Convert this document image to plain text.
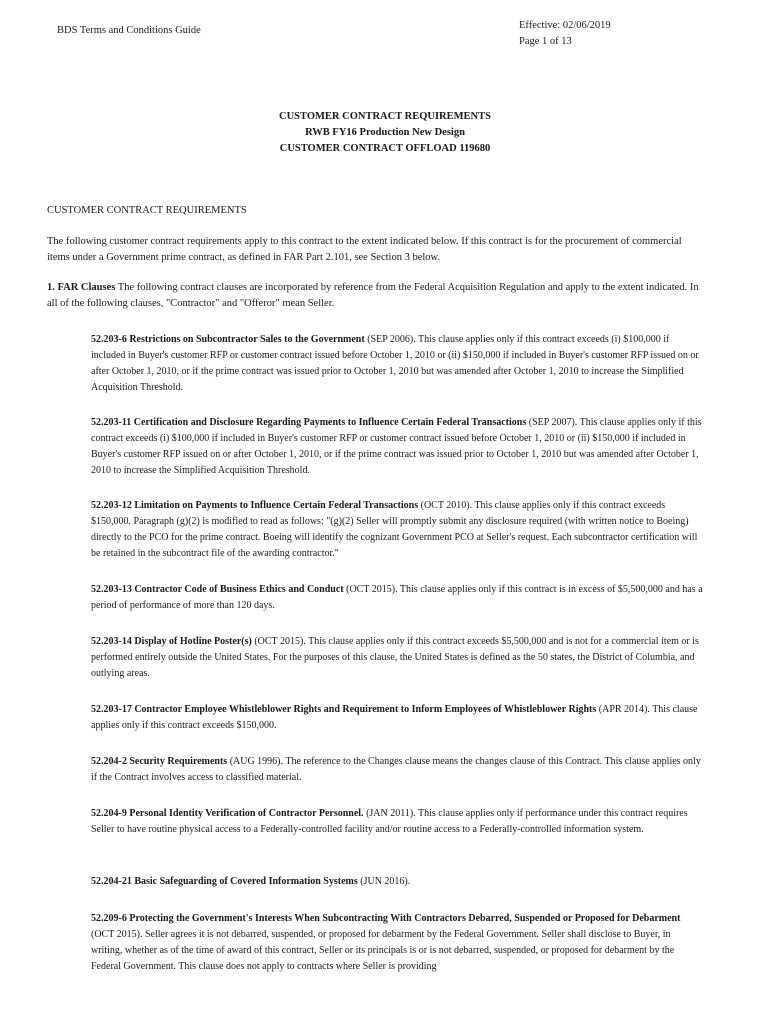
BDS Terms and Conditions Guide	Effective: 02/06/2019
Page 1 of 13
CUSTOMER CONTRACT REQUIREMENTS
RWB FY16 Production New Design
CUSTOMER CONTRACT OFFLOAD 119680
CUSTOMER CONTRACT REQUIREMENTS
The following customer contract requirements apply to this contract to the extent indicated below. If this contract is for the procurement of commercial items under a Government prime contract, as defined in FAR Part 2.101, see Section 3 below.
1. FAR Clauses The following contract clauses are incorporated by reference from the Federal Acquisition Regulation and apply to the extent indicated. In all of the following clauses, "Contractor" and "Offeror" mean Seller.
52.203-6 Restrictions on Subcontractor Sales to the Government (SEP 2006). This clause applies only if this contract exceeds (i) $100,000 if included in Buyer's customer RFP or customer contract issued before October 1, 2010 or (ii) $150,000 if included in Buyer's customer RFP issued on or after October 1, 2010, or if the prime contract was issued prior to October 1, 2010 but was amended after October 1, 2010 to increase the Simplified Acquisition Threshold.
52.203-11 Certification and Disclosure Regarding Payments to Influence Certain Federal Transactions (SEP 2007). This clause applies only if this contract exceeds (i) $100,000 if included in Buyer's customer RFP or customer contract issued before October 1, 2010 or (ii) $150,000 if included in Buyer's customer RFP issued on or after October 1, 2010, or if the prime contract was issued prior to October 1, 2010 but was amended after October 1, 2010 to increase the Simplified Acquisition Threshold.
52.203-12 Limitation on Payments to Influence Certain Federal Transactions (OCT 2010). This clause applies only if this contract exceeds $150,000. Paragraph (g)(2) is modified to read as follows: "(g)(2) Seller will promptly submit any disclosure required (with written notice to Boeing) directly to the PCO for the prime contract. Boeing will identify the cognizant Government PCO at Seller's request. Each subcontractor certification will be retained in the subcontract file of the awarding contractor."
52.203-13 Contractor Code of Business Ethics and Conduct (OCT 2015). This clause applies only if this contract is in excess of $5,500,000 and has a period of performance of more than 120 days.
52.203-14 Display of Hotline Poster(s) (OCT 2015). This clause applies only if this contract exceeds $5,500,000 and is not for a commercial item or is performed entirely outside the United States. For the purposes of this clause, the United States is defined as the 50 states, the District of Columbia, and outlying areas.
52.203-17 Contractor Employee Whistleblower Rights and Requirement to Inform Employees of Whistleblower Rights (APR 2014). This clause applies only if this contract exceeds $150,000.
52.204-2 Security Requirements (AUG 1996). The reference to the Changes clause means the changes clause of this Contract. This clause applies only if the Contract involves access to classified material.
52.204-9 Personal Identity Verification of Contractor Personnel. (JAN 2011). This clause applies only if performance under this contract requires Seller to have routine physical access to a Federally-controlled facility and/or routine access to a Federally-controlled information system.
52.204-21 Basic Safeguarding of Covered Information Systems (JUN 2016).
52.209-6 Protecting the Government's Interests When Subcontracting With Contractors Debarred, Suspended or Proposed for Debarment (OCT 2015). Seller agrees it is not debarred, suspended, or proposed for debarment by the Federal Government. Seller shall disclose to Buyer, in writing, whether as of the time of award of this contract, Seller or its principals is or is not debarred, suspended, or proposed for debarment by the Federal Government. This clause does not apply to contracts where Seller is providing
